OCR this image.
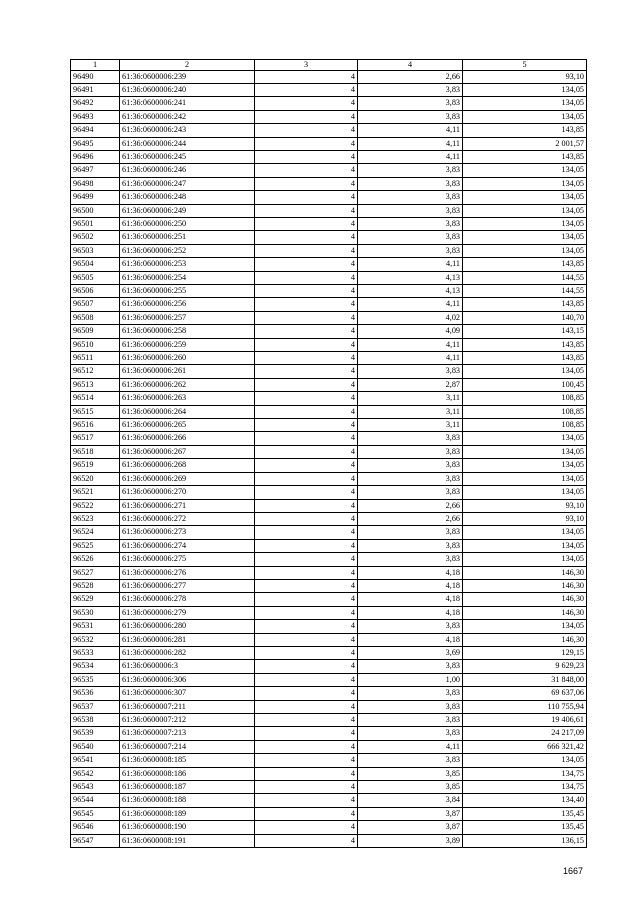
1	2	3	4	5
96490	61:36:0600006:239	4	2,66	93,10
96491	61:36:0600006:240	4	3,83	134,05
96492	61:36:0600006:241	4	3,83	134,05
96493	61:36:0600006:242	4	3,83	134,05
96494	61:36:0600006:243	4	4,11	143,85
96495	61:36:0600006:244	4	4,11	2 001,57
96496	61:36:0600006:245	4	4,11	143,85
96497	61:36:0600006:246	4	3,83	134,05
96498	61:36:0600006:247	4	3,83	134,05
96499	61:36:0600006:248	4	3,83	134,05
96500	61:36:0600006:249	4	3,83	134,05
96501	61:36:0600006:250	4	3,83	134,05
96502	61:36:0600006:251	4	3,83	134,05
96503	61:36:0600006:252	4	3,83	134,05
96504	61:36:0600006:253	4	4,11	143,85
96505	61:36:0600006:254	4	4,13	144,55
96506	61:36:0600006:255	4	4,13	144,55
96507	61:36:0600006:256	4	4,11	143,85
96508	61:36:0600006:257	4	4,02	140,70
96509	61:36:0600006:258	4	4,09	143,15
96510	61:36:0600006:259	4	4,11	143,85
96511	61:36:0600006:260	4	4,11	143,85
96512	61:36:0600006:261	4	3,83	134,05
96513	61:36:0600006:262	4	2,87	100,45
96514	61:36:0600006:263	4	3,11	108,85
96515	61:36:0600006:264	4	3,11	108,85
96516	61:36:0600006:265	4	3,11	108,85
96517	61:36:0600006:266	4	3,83	134,05
96518	61:36:0600006:267	4	3,83	134,05
96519	61:36:0600006:268	4	3,83	134,05
96520	61:36:0600006:269	4	3,83	134,05
96521	61:36:0600006:270	4	3,83	134,05
96522	61:36:0600006:271	4	2,66	93,10
96523	61:36:0600006:272	4	2,66	93,10
96524	61:36:0600006:273	4	3,83	134,05
96525	61:36:0600006:274	4	3,83	134,05
96526	61:36:0600006:275	4	3,83	134,05
96527	61:36:0600006:276	4	4,18	146,30
96528	61:36:0600006:277	4	4,18	146,30
96529	61:36:0600006:278	4	4,18	146,30
96530	61:36:0600006:279	4	4,18	146,30
96531	61:36:0600006:280	4	3,83	134,05
96532	61:36:0600006:281	4	4,18	146,30
96533	61:36:0600006:282	4	3,69	129,15
96534	61:36:0600006:3	4	3,83	9 629,23
96535	61:36:0600006:306	4	1,00	31 848,00
96536	61:36:0600006:307	4	3,83	69 637,06
96537	61:36:0600007:211	4	3,83	110 755,94
96538	61:36:0600007:212	4	3,83	19 406,61
96539	61:36:0600007:213	4	3,83	24 217,09
96540	61:36:0600007:214	4	4,11	666 321,42
96541	61:36:0600008:185	4	3,83	134,05
96542	61:36:0600008:186	4	3,85	134,75
96543	61:36:0600008:187	4	3,85	134,75
96544	61:36:0600008:188	4	3,84	134,40
96545	61:36:0600008:189	4	3,87	135,45
96546	61:36:0600008:190	4	3,87	135,45
96547	61:36:0600008:191	4	3,89	136,15
1667
